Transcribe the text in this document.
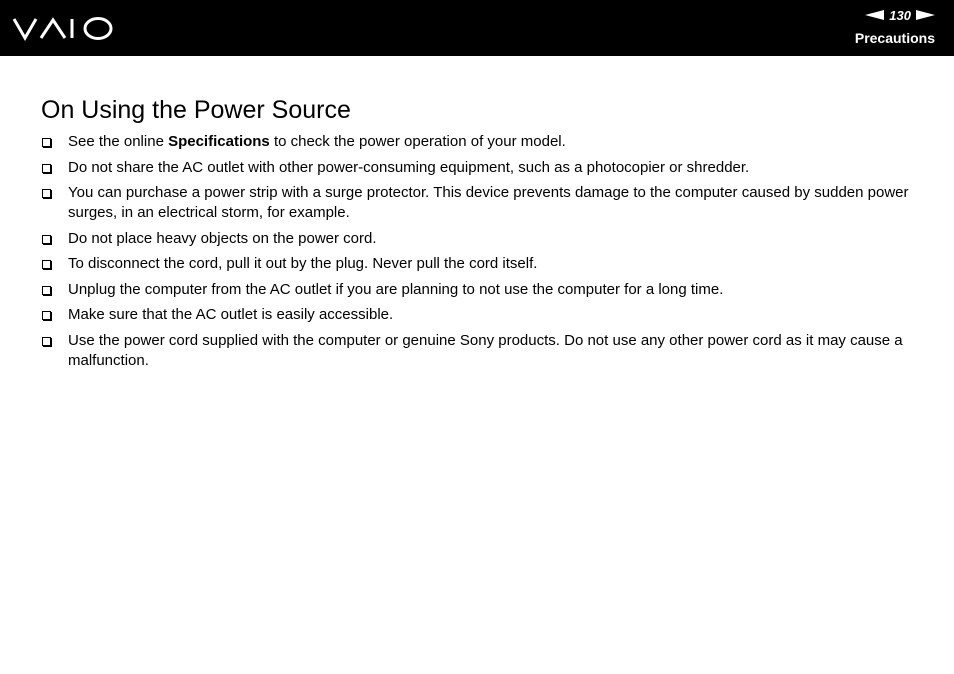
130
Precautions
On Using the Power Source
See the online Specifications to check the power operation of your model.
Do not share the AC outlet with other power-consuming equipment, such as a photocopier or shredder.
You can purchase a power strip with a surge protector. This device prevents damage to the computer caused by sudden power surges, in an electrical storm, for example.
Do not place heavy objects on the power cord.
To disconnect the cord, pull it out by the plug. Never pull the cord itself.
Unplug the computer from the AC outlet if you are planning to not use the computer for a long time.
Make sure that the AC outlet is easily accessible.
Use the power cord supplied with the computer or genuine Sony products. Do not use any other power cord as it may cause a malfunction.
